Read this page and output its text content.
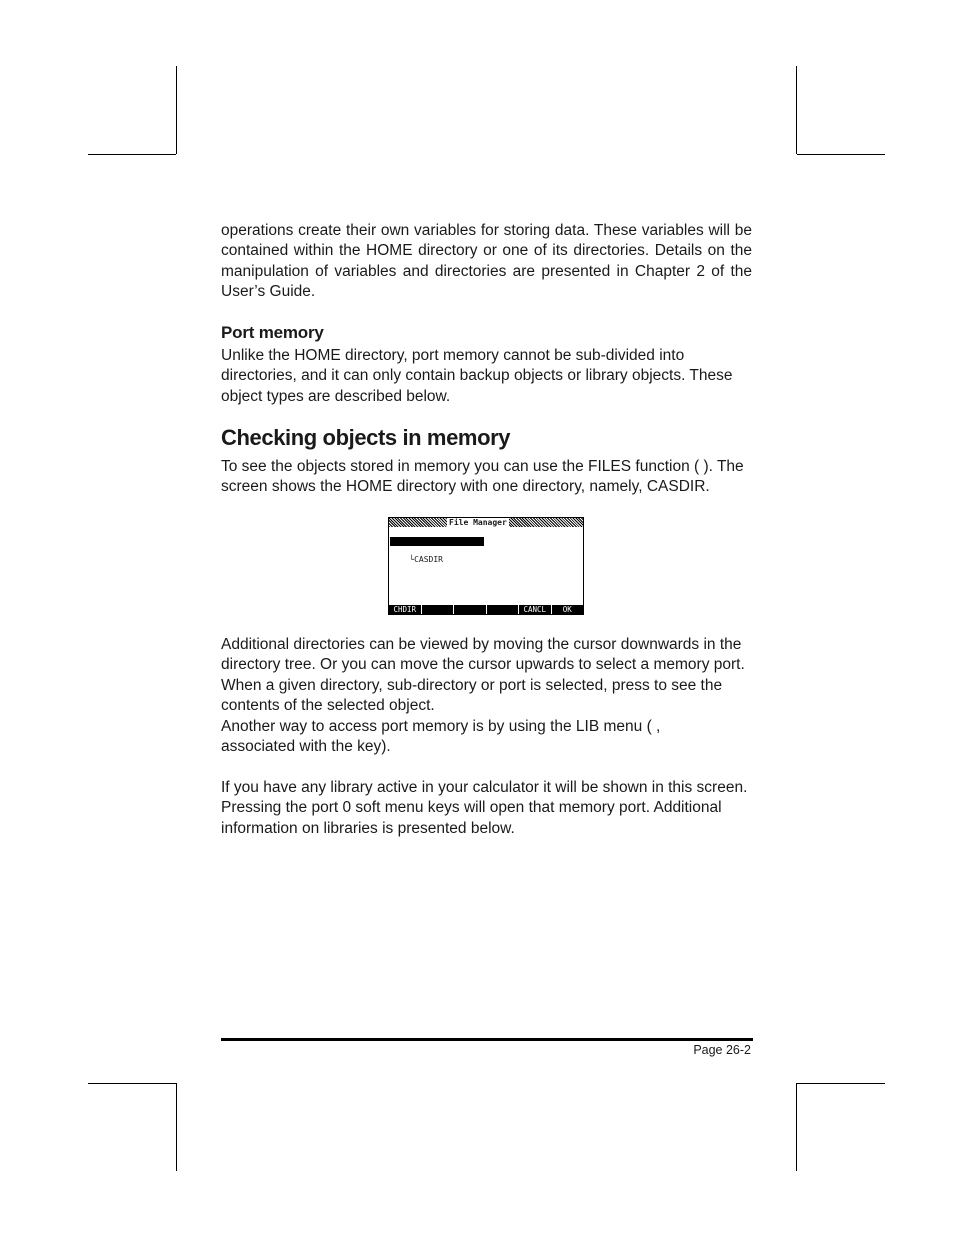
operations create their own variables for storing data. These variables will be contained within the HOME directory or one of its directories. Details on the manipulation of variables and directories are presented in Chapter 2 of the User’s Guide.

Port memory

Unlike the HOME directory, port memory cannot be sub-divided into directories, and it can only contain backup objects or library objects. These object types are described below.

Checking objects in memory

To see the objects stored in memory you can use the FILES function ( ). The screen shows the HOME directory with one directory, namely, CASDIR.

Additional directories can be viewed by moving the cursor downwards in the directory tree. Or you can move the cursor upwards to select a memory port. When a given directory, sub-directory or port is selected, press to see the contents of the selected object.

Another way to access port memory is by using the LIB menu ( , associated with the key).

If you have any library active in your calculator it will be shown in this screen. Pressing the port 0 soft menu keys will open that memory port. Additional information on libraries is presented below.

File Manager

HOME	80KB

└CASDIR

CHDIR	CANCL	OK
Page 26-2
